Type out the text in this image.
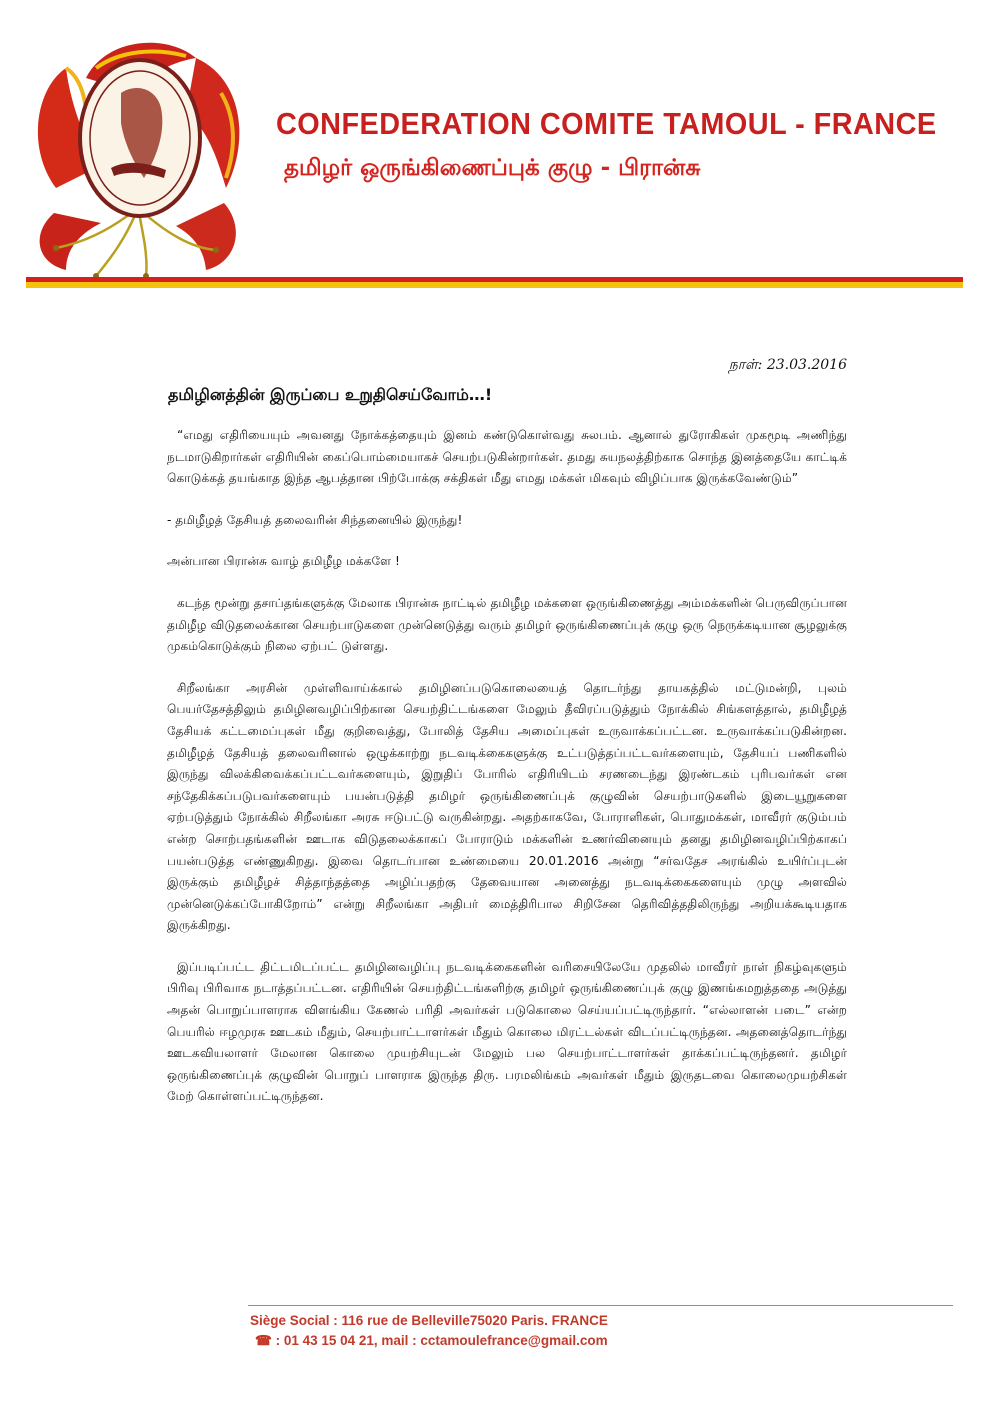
CONFEDERATION COMITE TAMOUL - FRANCE
தமிழர் ஒருங்கிணைப்புக் குழு - பிரான்சு
நாள்: 23.03.2016
தமிழினத்தின் இருப்பை உறுதிசெய்வோம்…!

“எமது எதிரியையும் அவனது நோக்கத்தையும் இனம் கண்டுகொள்வது சுலபம். ஆனால் துரோகிகள் முகமூடி அணிந்து நடமாடுகிறார்கள் எதிரியின் கைப்பொம்மையாகச் செயற்படுகின்றார்கள். தமது சுயநலத்திற்காக சொந்த இனத்தையே காட்டிக் கொடுக்கத் தயங்காத இந்த ஆபத்தான பிற்போக்கு சக்திகள் மீது எமது மக்கள் மிகவும் விழிப்பாக இருக்கவேண்டும்”

- தமிழீழத் தேசியத் தலைவரின் சிந்தனையில் இருந்து!

அன்பான பிரான்சு வாழ் தமிழீழ மக்களே !

கடந்த மூன்று தசாப்தங்களுக்கு மேலாக பிரான்சு நாட்டில் தமிழீழ மக்களை ஒருங்கிணைத்து அம்மக்களின் பெருவிருப்பான தமிழீழ விடுதலைக்கான செயற்பாடுகளை முன்னெடுத்து வரும் தமிழர் ஒருங்கிணைப்புக் குழு ஒரு நெருக்கடியான சூழலுக்கு முகம்கொடுக்கும் நிலை ஏற்பட் டுள்ளது.

சிறீலங்கா அரசின் முள்ளிவாய்க்கால் தமிழினப்படுகொலையைத் தொடர்ந்து தாயகத்தில் மட்டுமன்றி, புலம் பெயர்தேசத்திலும் தமிழினவழிப்பிற்கான செயற்திட்டங்களை மேலும் தீவிரப்படுத்தும் நோக்கில் சிங்களத்தால், தமிழீழத் தேசியக் கட்டமைப்புகள் மீது குறிவைத்து, போலித் தேசிய அமைப்புகள் உருவாக்கப்பட்டன. உருவாக்கப்படுகின்றன. தமிழீழத் தேசியத் தலைவரினால் ஒழுக்காற்று நடவடிக்கைகளுக்கு உட்படுத்தப்பட்டவர்களையும், தேசியப் பணிகளில் இருந்து விலக்கிவைக்கப்பட்டவர்களையும், இறுதிப் போரில் எதிரியிடம் சரணடைந்து இரண்டகம் புரிபவர்கள் என சந்தேகிக்கப்படுபவர்களையும் பயன்படுத்தி தமிழர் ஒருங்கிணைப்புக் குழுவின் செயற்பாடுகளில் இடையூறுகளை ஏற்படுத்தும் நோக்கில் சிறீலங்கா அரசு ஈடுபட்டு வருகின்றது. அதற்காகவே, போராளிகள், பொதுமக்கள், மாவீரர் குடும்பம் என்ற சொற்பதங்களின் ஊடாக விடுதலைக்காகப் போராடும் மக்களின் உணர்வினையும் தனது தமிழினவழிப்பிற்காகப் பயன்படுத்த எண்ணுகிறது. இவை தொடர்பான உண்மையை 20.01.2016 அன்று “சர்வதேச அரங்கில் உயிர்ப்புடன் இருக்கும் தமிழீழச் சித்தாந்தத்தை அழிப்பதற்கு தேவையான அனைத்து நடவடிக்கைகளையும் முழு அளவில் முன்னெடுக்கப்போகிறோம்” என்று சிறீலங்கா அதிபர் மைத்திரிபால சிறிசேன தெரிவித்ததிலிருந்து அறியக்கூடியதாக இருக்கிறது.

இப்படிப்பட்ட திட்டமிடப்பட்ட தமிழினவழிப்பு நடவடிக்கைகளின் வரிசையிலேயே முதலில் மாவீரர் நாள் நிகழ்வுகளும் பிரிவு பிரிவாக நடாத்தப்பட்டன. எதிரியின் செயற்திட்டங்களிற்கு தமிழர் ஒருங்கிணைப்புக் குழு இணங்கமறுத்ததை அடுத்து அதன் பொறுப்பாளராக விளங்கிய கேணல் பரிதி அவர்கள் படுகொலை செய்யப்பட்டிருந்தார். “எல்லாளன் படை” என்ற பெயரில் ஈழமுரசு ஊடகம் மீதும், செயற்பாட்டாளர்கள் மீதும் கொலை மிரட்டல்கள் விடப்பட்டிருந்தன. அதனைத்தொடர்ந்து ஊடகவியலாளர் மேலான கொலை முயற்சியுடன் மேலும் பல செயற்பாட்டாளர்கள் தாக்கப்பட்டிருந்தனர். தமிழர் ஒருங்கிணைப்புக் குழுவின் பொறுப் பாளராக இருந்த திரு. பரமலிங்கம் அவர்கள் மீதும் இருதடவை கொலைமுயற்சிகள் மேற் கொள்ளப்பட்டிருந்தன.

Siège Social : 116 rue de Belleville75020 Paris. FRANCE
☎ : 01 43 15 04 21, mail : cctamoulefrance@gmail.com
